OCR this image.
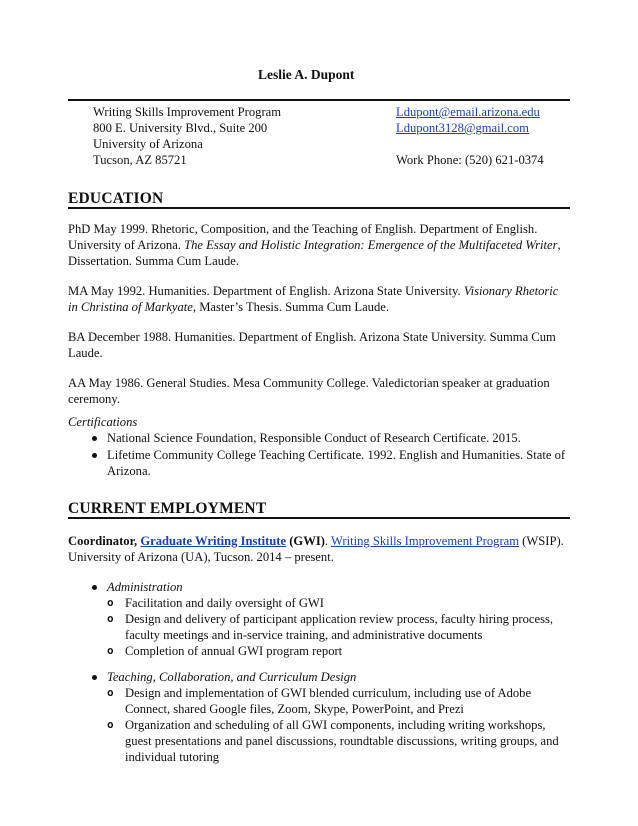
Leslie A. Dupont
Writing Skills Improvement Program
800 E. University Blvd., Suite 200
University of Arizona
Tucson, AZ 85721
Ldupont@email.arizona.edu
Ldupont3128@gmail.com
Work Phone: (520) 621-0374
EDUCATION
PhD May 1999. Rhetoric, Composition, and the Teaching of English. Department of English.
University of Arizona. The Essay and Holistic Integration: Emergence of the Multifaceted Writer,
Dissertation. Summa Cum Laude.
MA May 1992. Humanities. Department of English. Arizona State University. Visionary Rhetoric
in Christina of Markyate, Master’s Thesis. Summa Cum Laude.
BA December 1988. Humanities. Department of English. Arizona State University. Summa Cum
Laude.
AA May 1986. General Studies. Mesa Community College. Valedictorian speaker at graduation
ceremony.
Certifications
National Science Foundation, Responsible Conduct of Research Certificate. 2015.
Lifetime Community College Teaching Certificate. 1992. English and Humanities. State of
Arizona.
CURRENT EMPLOYMENT
Coordinator, Graduate Writing Institute (GWI). Writing Skills Improvement Program (WSIP).
University of Arizona (UA), Tucson. 2014 – present.
Administration
o Facilitation and daily oversight of GWI
o Design and delivery of participant application review process, faculty hiring process,
faculty meetings and in-service training, and administrative documents
o Completion of annual GWI program report
Teaching, Collaboration, and Curriculum Design
o Design and implementation of GWI blended curriculum, including use of Adobe
Connect, shared Google files, Zoom, Skype, PowerPoint, and Prezi
o Organization and scheduling of all GWI components, including writing workshops,
guest presentations and panel discussions, roundtable discussions, writing groups, and
individual tutoring
